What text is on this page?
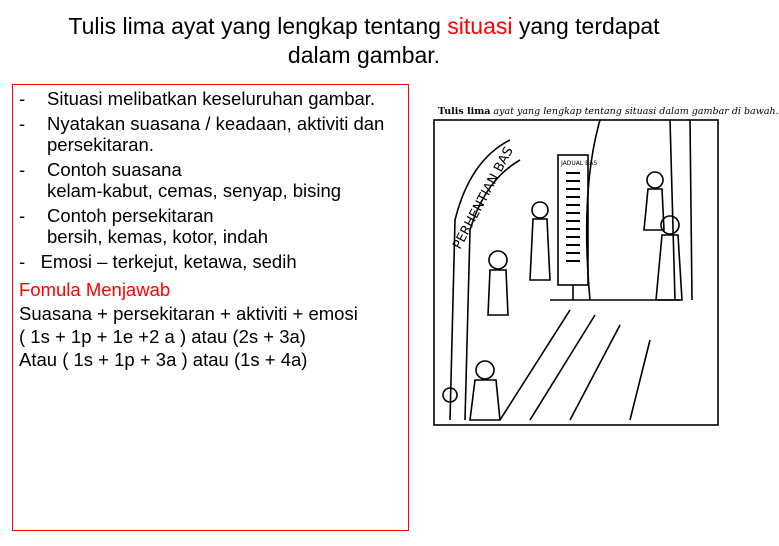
Tulis lima ayat yang lengkap tentang situasi yang terdapat dalam gambar.
- Situasi melibatkan keseluruhan gambar.
- Nyatakan suasana / keadaan, aktiviti dan persekitaran.
- Contoh suasana
kelam-kabut, cemas, senyap, bising
- Contoh persekitaran
bersih, kemas, kotor, indah
-   Emosi – terkejut, ketawa, sedih
Fomula Menjawab
Suasana + persekitaran + aktiviti + emosi
( 1s + 1p + 1e +2 a ) atau (2s + 3a)
Atau ( 1s + 1p + 3a ) atau (1s + 4a)
Tulis lima ayat yang lengkap tentang situasi dalam gambar di bawah.
PERHENTIAN BAS	JADUAL BAS
